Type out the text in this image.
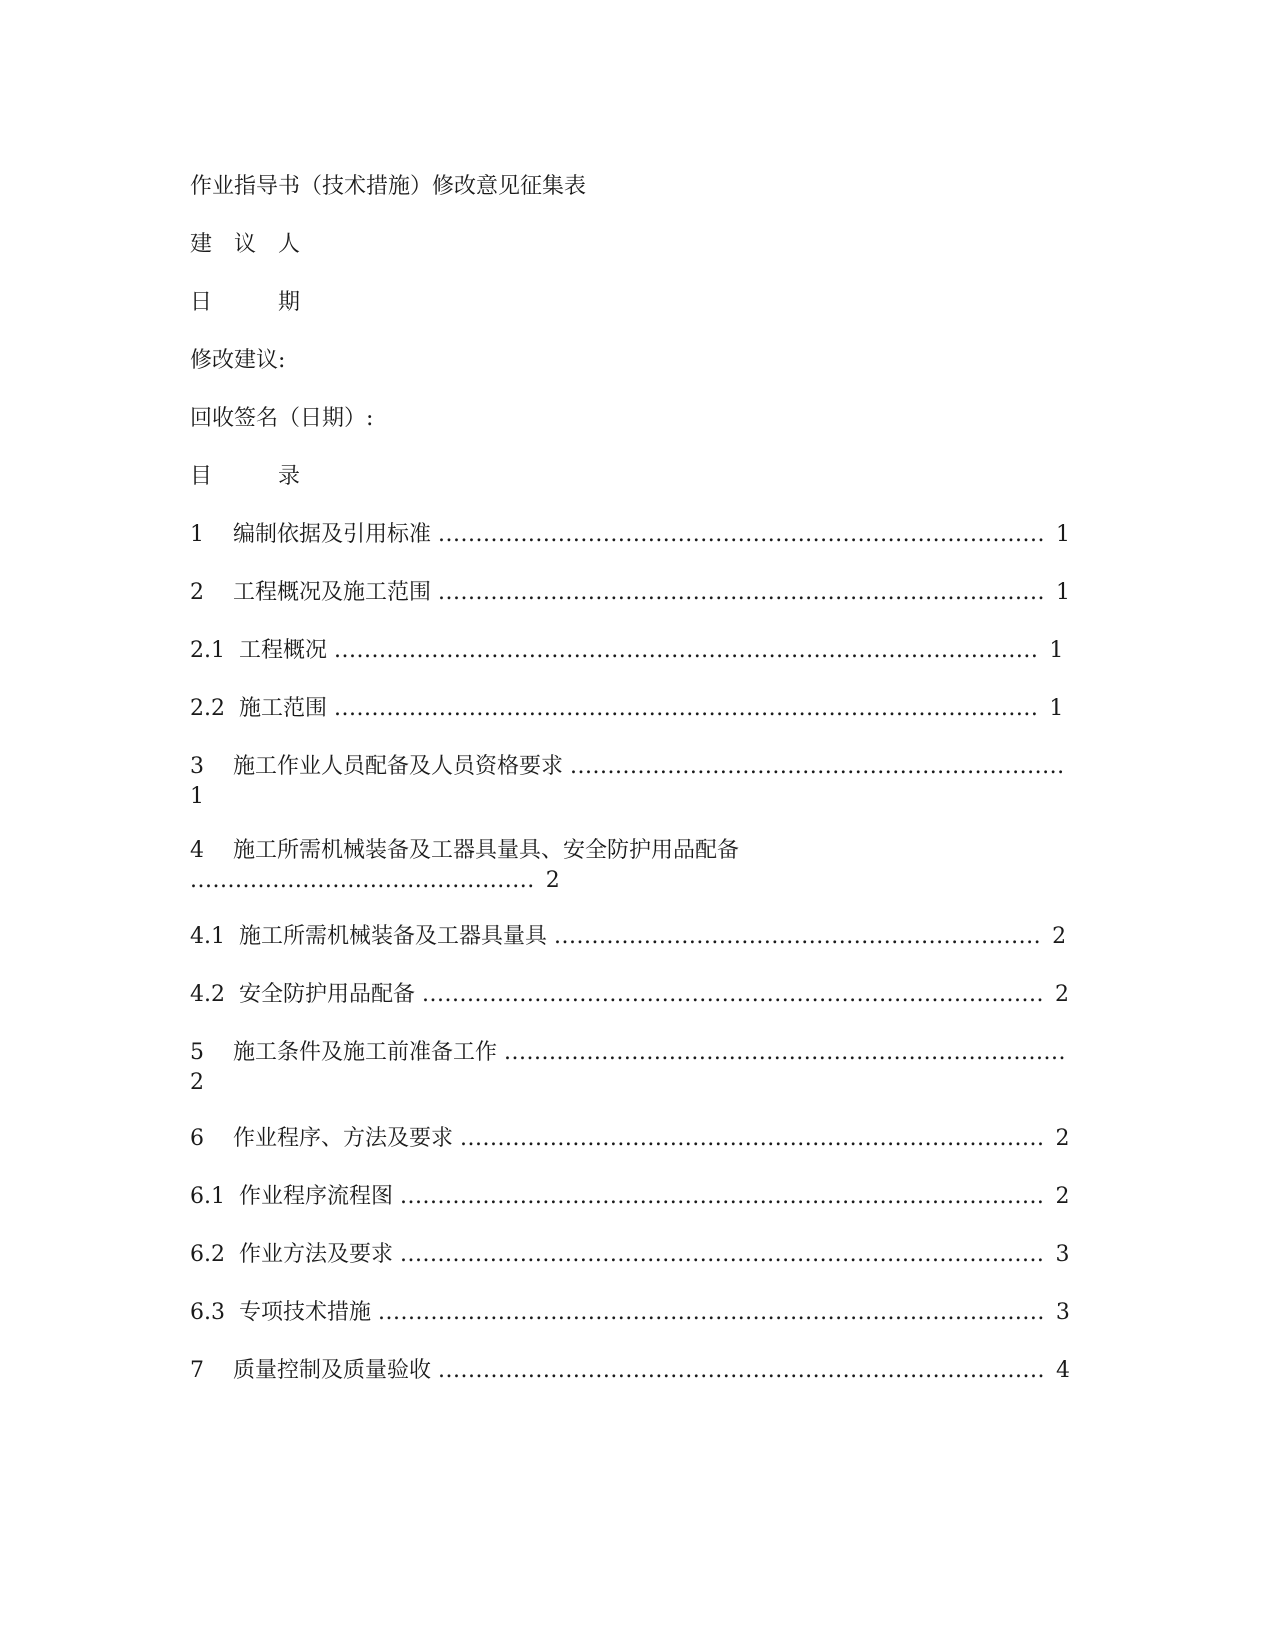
作业指导书（技术措施）修改意见征集表
建　议　人
日　　　期
修改建议:
回收签名（日期）:
目　　　录
1 编制依据及引用标准 ................................................................................. 1
2 工程概况及施工范围 ................................................................................. 1
2.1 工程概况 .............................................................................................. 1
2.2 施工范围 .............................................................................................. 1
3 施工作业人员配备及人员资格要求 ..................................................................
1
4 施工所需机械装备及工器具量具、安全防护用品配备
.............................................. 2
4.1 施工所需机械装备及工器具量具 ................................................................. 2
4.2 安全防护用品配备 ................................................................................... 2
5 施工条件及施工前准备工作 ...........................................................................
2
6 作业程序、方法及要求 .............................................................................. 2
6.1 作业程序流程图 ...................................................................................... 2
6.2 作业方法及要求 ...................................................................................... 3
6.3 专项技术措施 ......................................................................................... 3
7 质量控制及质量验收 ................................................................................. 4
